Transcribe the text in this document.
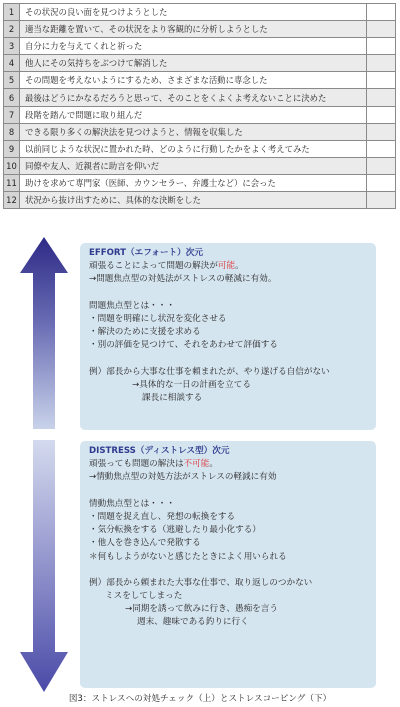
1	その状況の良い面を見つけようとした	
2	適当な距離を置いて、その状況をより客観的に分析しようとした	
3	自分に力を与えてくれと祈った	
4	他人にその気持ちをぶつけて解消した	
5	その問題を考えないようにするため、さまざまな活動に専念した	
6	最後はどうにかなるだろうと思って、そのことをくよくよ考えないことに決めた	
7	段階を踏んで問題に取り組んだ	
8	できる限り多くの解決法を見つけようと、情報を収集した	
9	以前同じような状況に置かれた時、どのように行動したかをよく考えてみた	
10	同僚や友人、近親者に助言を仰いだ	
11	助けを求めて専門家（医師、カウンセラー、弁護士など）に会った	
12	状況から抜け出すために、具体的な決断をした	
EFFORT（エフォート）次元
頑張ることによって問題の解決が可能。
→問題焦点型の対処法がストレスの軽減に有効。
問題焦点型とは・・・
・問題を明確にし状況を変化させる
・解決のために支援を求める
・別の評価を見つけて、それをあわせて評価する
例）部長から大事な仕事を頼まれたが、やり遂げる自信がない
→具体的な一日の計画を立てる
課長に相談する
DISTRESS（ディストレス型）次元
頑張っても問題の解決は不可能。
→情動焦点型の対処方法がストレスの軽減に有効
情動焦点型とは・・・
・問題を捉え直し、発想の転換をする
・気分転換をする（逃避したり最小化する）
・他人を巻き込んで発散する
＊何もしようがないと感じたときによく用いられる
例）部長から頼まれた大事な仕事で、取り返しのつかない
ミスをしてしまった
→同期を誘って飲みに行き、愚痴を言う
週末、趣味である釣りに行く
図3：ストレスへの対処チェック（上）とストレスコーピング（下）
